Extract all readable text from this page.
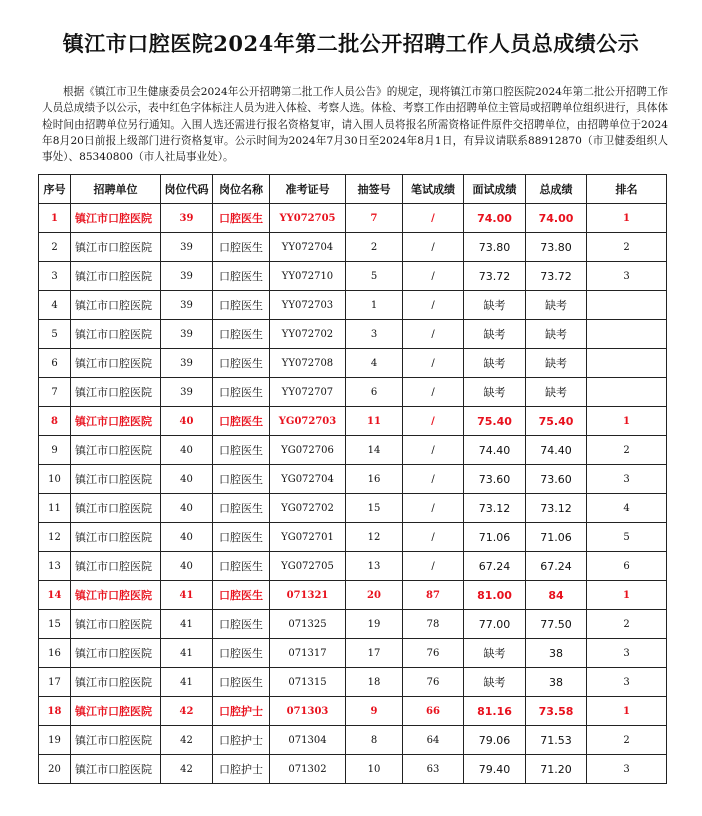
镇江市口腔医院2024年第二批公开招聘工作人员总成绩公示

根据《镇江市卫生健康委员会2024年公开招聘第二批工作人员公告》的规定，现将镇江市第口腔医院2024年第二批公开招聘工作人员总成绩予以公示，表中红色字体标注人员为进入体检、考察人选。体检、考察工作由招聘单位主管局或招聘单位组织进行，具体体检时间由招聘单位另行通知。入围人选还需进行报名资格复审，请入围人员将报名所需资格证件原件交招聘单位，由招聘单位于2024年8月20日前报上级部门进行资格复审。公示时间为2024年7月30日至2024年8月1日，有异议请联系88912870（市卫健委组织人事处）、85340800（市人社局事业处）。

序号	招聘单位	岗位代码	岗位名称	准考证号	抽签号	笔试成绩	面试成绩	总成绩	排名
1	镇江市口腔医院	39	口腔医生	YY072705	7	/	74.00	74.00	1
2	镇江市口腔医院	39	口腔医生	YY072704	2	/	73.80	73.80	2
3	镇江市口腔医院	39	口腔医生	YY072710	5	/	73.72	73.72	3
4	镇江市口腔医院	39	口腔医生	YY072703	1	/	缺考	缺考	
5	镇江市口腔医院	39	口腔医生	YY072702	3	/	缺考	缺考	
6	镇江市口腔医院	39	口腔医生	YY072708	4	/	缺考	缺考	
7	镇江市口腔医院	39	口腔医生	YY072707	6	/	缺考	缺考	
8	镇江市口腔医院	40	口腔医生	YG072703	11	/	75.40	75.40	1
9	镇江市口腔医院	40	口腔医生	YG072706	14	/	74.40	74.40	2
10	镇江市口腔医院	40	口腔医生	YG072704	16	/	73.60	73.60	3
11	镇江市口腔医院	40	口腔医生	YG072702	15	/	73.12	73.12	4
12	镇江市口腔医院	40	口腔医生	YG072701	12	/	71.06	71.06	5
13	镇江市口腔医院	40	口腔医生	YG072705	13	/	67.24	67.24	6
14	镇江市口腔医院	41	口腔医生	071321	20	87	81.00	84	1
15	镇江市口腔医院	41	口腔医生	071325	19	78	77.00	77.50	2
16	镇江市口腔医院	41	口腔医生	071317	17	76	缺考	38	3
17	镇江市口腔医院	41	口腔医生	071315	18	76	缺考	38	3
18	镇江市口腔医院	42	口腔护士	071303	9	66	81.16	73.58	1
19	镇江市口腔医院	42	口腔护士	071304	8	64	79.06	71.53	2
20	镇江市口腔医院	42	口腔护士	071302	10	63	79.40	71.20	3
